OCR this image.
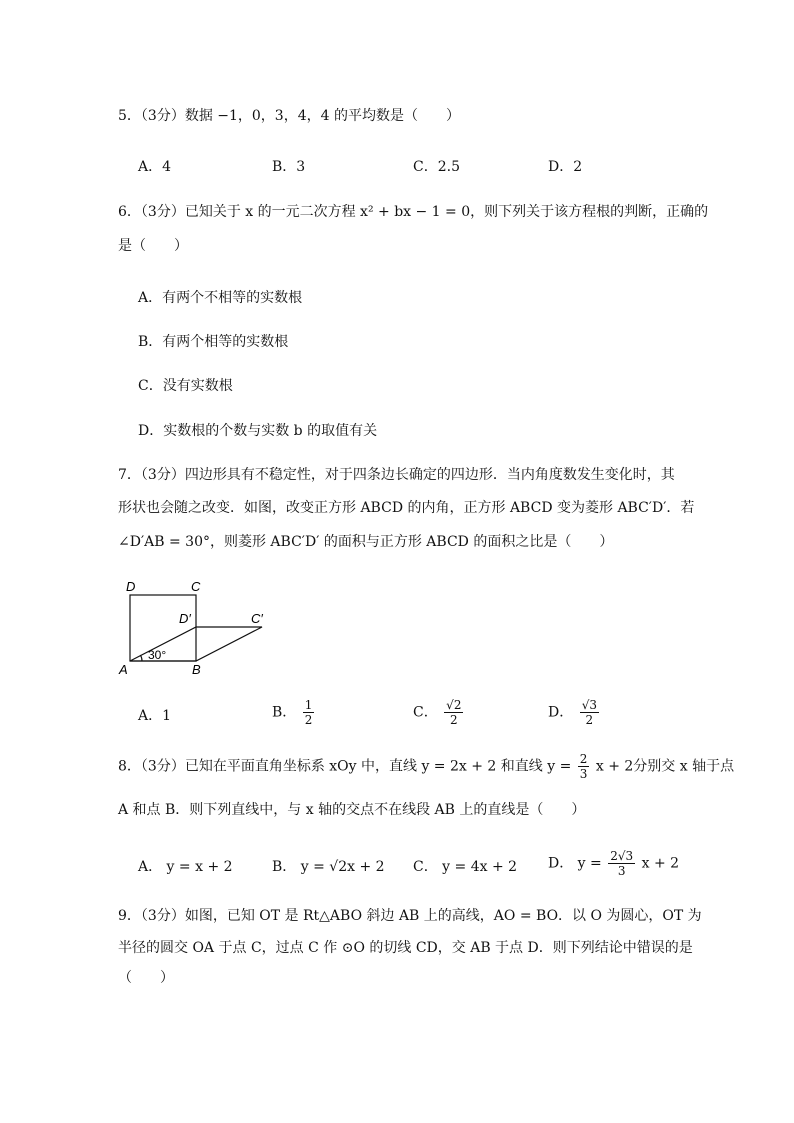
5．（3分）数据 −1，0，3，4，4 的平均数是（　　）
A．4	B．3	C．2.5	D．2
6．（3分）已知关于 x 的一元二次方程 x² + bx − 1 = 0，则下列关于该方程根的判断，正确的
是（　　）
A．有两个不相等的实数根
B．有两个相等的实数根
C．没有实数根
D．实数根的个数与实数 b 的取值有关
7．（3分）四边形具有不稳定性，对于四条边长确定的四边形．当内角度数发生变化时，其
形状也会随之改变．如图，改变正方形 ABCD 的内角，正方形 ABCD 变为菱形 ABC′D′．若
∠D′AB = 30°，则菱形 ABC′D′ 的面积与正方形 ABCD 的面积之比是（　　）
D	C
D′	C′
A	B
30°
A．1	B． $\frac{1}{2}$	C． $\frac{√2}{2}$	D． $\frac{√3}{2}$
8．（3分）已知在平面直角坐标系 xOy 中，直线 y = 2x + 2 和直线 $y = \frac{2}{3}$ x + 2分别交 x 轴于点
A 和点 B．则下列直线中，与 x 轴的交点不在线段 AB 上的直线是（　　）
A． y = x + 2	B． y = √2x + 2 C． y = 4x + 2 D． $y = \frac{2√3}{3}$ x + 2
9．（3分）如图，已知 OT 是 Rt△ABO 斜边 AB 上的高线，AO = BO．以 O 为圆心，OT 为
半径的圆交 OA 于点 C，过点 C 作 ⊙O 的切线 CD，交 AB 于点 D．则下列结论中错误的是
（　　）
